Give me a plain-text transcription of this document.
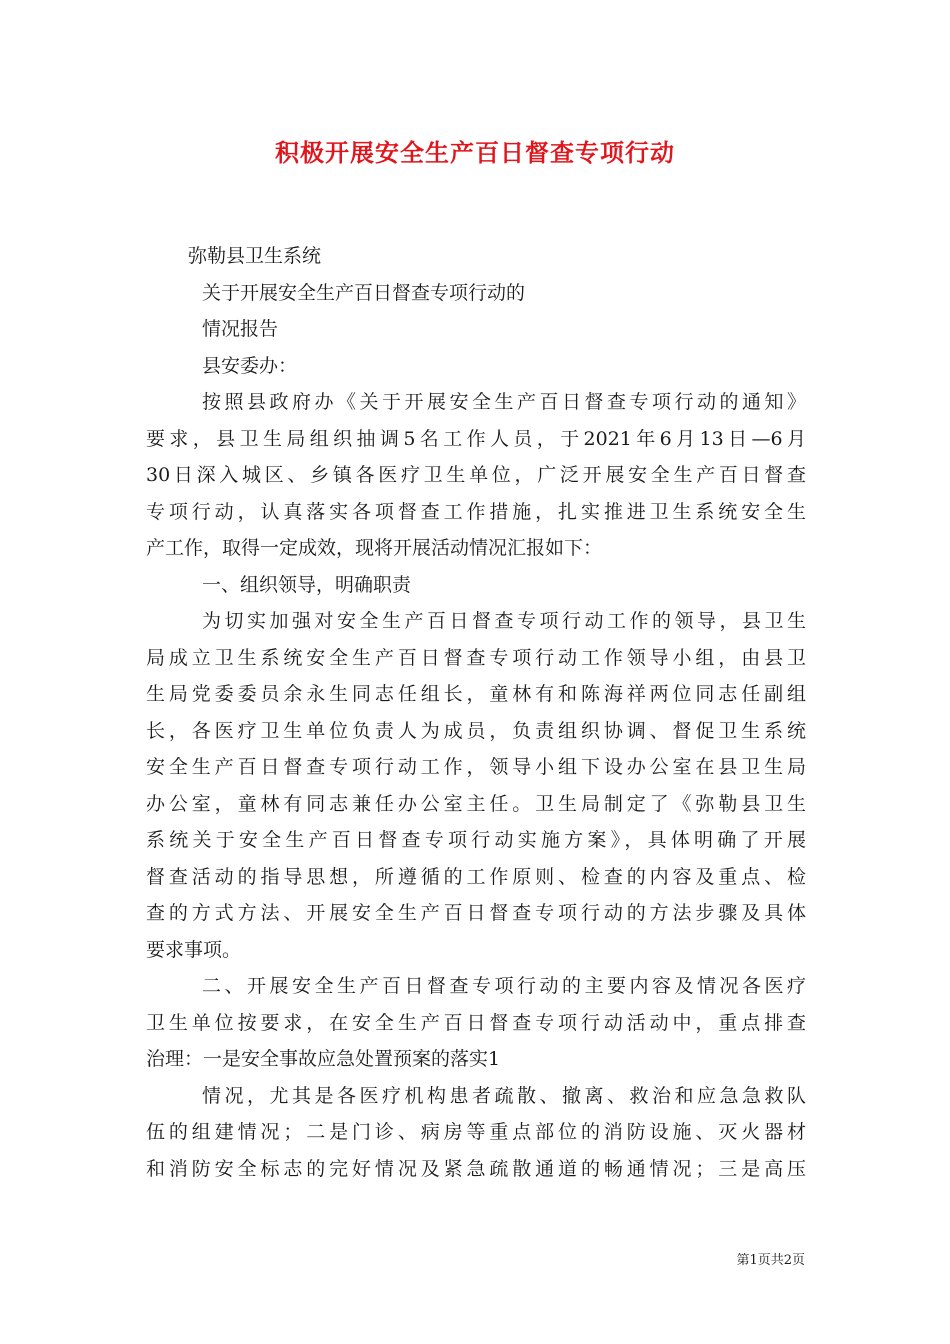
积极开展安全生产百日督查专项行动
弥勒县卫生系统
关于开展安全生产百日督查专项行动的
情况报告
县安委办：
按照县政府办《关于开展安全生产百日督查专项行动的通知》
要求，县卫生局组织抽调5名工作人员，于2021年6月13日—6月
30日深入城区、乡镇各医疗卫生单位，广泛开展安全生产百日督查
专项行动，认真落实各项督查工作措施，扎实推进卫生系统安全生
产工作，取得一定成效，现将开展活动情况汇报如下：
一、组织领导，明确职责
为切实加强对安全生产百日督查专项行动工作的领导，县卫生
局成立卫生系统安全生产百日督查专项行动工作领导小组，由县卫
生局党委委员余永生同志任组长，童林有和陈海祥两位同志任副组
长，各医疗卫生单位负责人为成员，负责组织协调、督促卫生系统
安全生产百日督查专项行动工作，领导小组下设办公室在县卫生局
办公室，童林有同志兼任办公室主任。卫生局制定了《弥勒县卫生
系统关于安全生产百日督查专项行动实施方案》，具体明确了开展
督查活动的指导思想，所遵循的工作原则、检查的内容及重点、检
查的方式方法、开展安全生产百日督查专项行动的方法步骤及具体
要求事项。
二、开展安全生产百日督查专项行动的主要内容及情况各医疗
卫生单位按要求，在安全生产百日督查专项行动活动中，重点排查
治理：一是安全事故应急处置预案的落实1
情况，尤其是各医疗机构患者疏散、撤离、救治和应急急救队
伍的组建情况；二是门诊、病房等重点部位的消防设施、灭火器材
和消防安全标志的完好情况及紧急疏散通道的畅通情况；三是高压
第1页共2页
